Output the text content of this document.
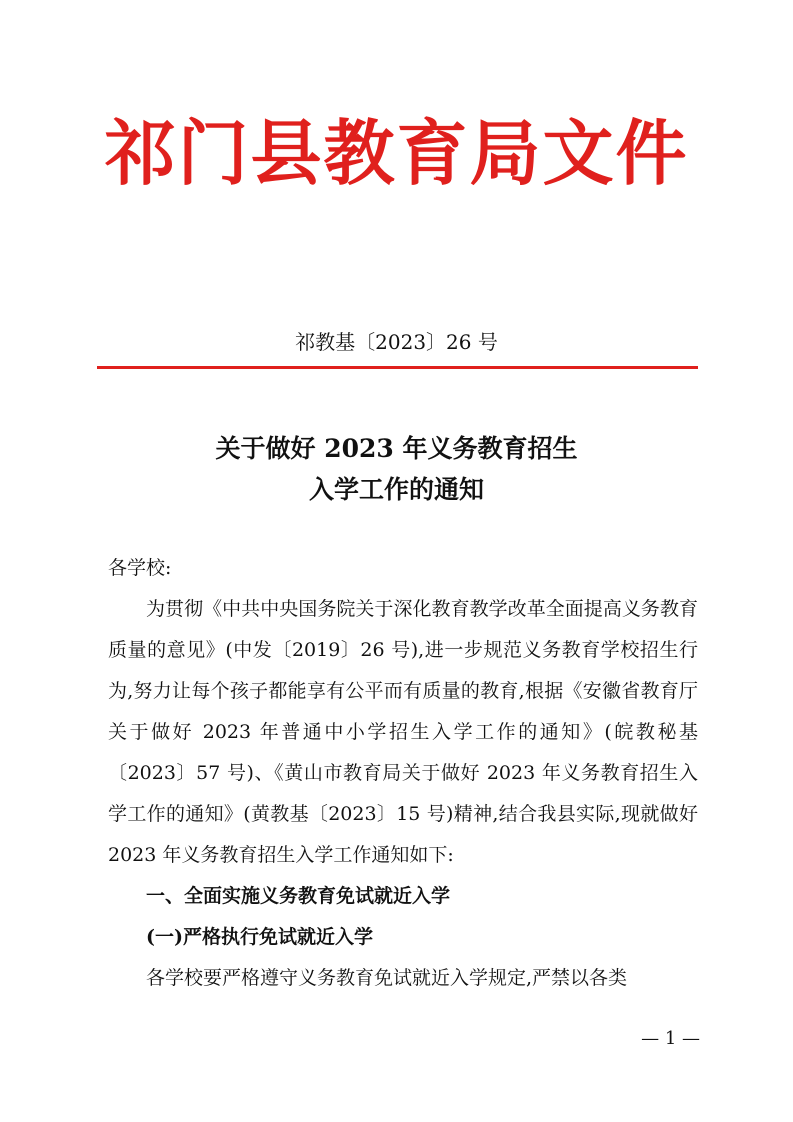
祁门县教育局文件
祁教基〔2023〕26 号
关于做好 2023 年义务教育招生
入学工作的通知
各学校:
为贯彻《中共中央国务院关于深化教育教学改革全面提高义务教育质量的意见》(中发〔2019〕26 号),进一步规范义务教育学校招生行为,努力让每个孩子都能享有公平而有质量的教育,根据《安徽省教育厅关于做好 2023 年普通中小学招生入学工作的通知》(皖教秘基〔2023〕57 号)、《黄山市教育局关于做好 2023 年义务教育招生入学工作的通知》(黄教基〔2023〕15 号)精神,结合我县实际,现就做好 2023 年义务教育招生入学工作通知如下:
一、全面实施义务教育免试就近入学
(一)严格执行免试就近入学
各学校要严格遵守义务教育免试就近入学规定,严禁以各类
— 1 —
